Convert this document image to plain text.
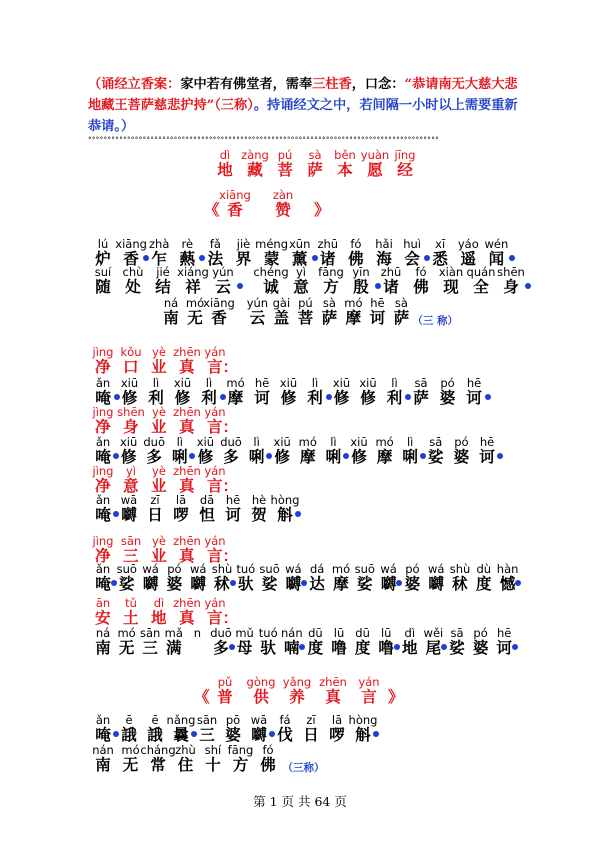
（诵经立香案：家中若有佛堂者，需奉三柱香，口念：“恭请南无大慈大悲地藏王菩萨慈悲护持”（三称）。持诵经文之中，若间隔一小时以上需要重新恭请。）
°°°°°°°°°°°°°°°°°°°°°°°°°°°°°°°°°°°°°°°°°°°°°°°°°°°°°°°°°°°°°°°°°°°°°°°°°°°°°°°°°°°°°°°°°°
dì
地
zàng
藏
pú
菩
sà
萨
běn
本
yuàn
愿
jīng
经
《
xiāng
香
zàn
赞	》
lú
炉
xiāng
香
zhà
乍
rè
爇
fǎ
法
jiè
界
méng
蒙
xūn
薰
zhū
诸
fó
佛
hǎi
海
huì
会
xī
悉
yáo
遥
wén
闻
suí
随
chù
处
jié
结
xiáng
祥
yún
云
chéng
诚
yì
意
fāng
方
yīn
殷
zhū
诸
fó
佛
xiàn
现
quán
全
shēn
身
ná
南
mó
无
xiāng
香
yún
云
gài
盖
pú
菩
sà
萨
mó
摩
hē
诃
sà
萨 （三 称）
jìng
净
kǒu
口
yè
业
zhēn
真
yán
言：
ǎn
唵
xiū
修
lì
利
xiū
修
lì
利
mó
摩
hē
诃
xiū
修
lì
利
xiū
修
xiū
修
lì
利
sā
萨
pó
婆
hē
诃
jìng
净
shēn
身
yè
业
zhēn
真
yán
言：
ǎn
唵
xiū
修
duō
多
lì
唎
xiū
修
duō
多
lì
唎
xiū
修
mó
摩
lì
唎
xiū
修
mó
摩
lì
唎
sā
娑
pó
婆
hē
诃
jìng
净
yì
意
yè
业
zhēn
真
yán
言：
ǎn
唵
wā
嚩
zī
日
lā
啰
dā
怛
hē
诃
hè
贺
hòng
斛
jìng
净
sān
三
yè
业
zhēn
真
yán
言：
ǎn
唵
suō
娑
wá
嚩
pó
婆
wá
嚩
shù
秫
tuó
驮
suō
娑
wá
嚩
dá
达
mó
摩
suō
娑
wá
嚩
pó
婆
wá
嚩
shù
秫
dù
度
hàn
憾
ān
安
tǔ
土
dì
地
zhēn
真
yán
言：
ná
南
mó
无
sān
三
mǎ
满
n duō
多
mǔ
母
tuó
驮
nán
喃
dū
度
lū
噜
dū
度
lū
噜
dì
地
wěi
尾
sā
娑
pó
婆
hē
诃
《
pǔ
普
gòng
供
yǎng
养
zhēn
真
yán
言 》
ǎn
唵
ē
誐
ē
誐
nǎng
曩
sān
三
pō
婆
wā
嚩
fá
伐
zī
日
lā
啰
hòng
斛
nán
南
mó
无
cháng
常
zhù
住
shí
十
fāng
方
fó
佛 （三称）
第 1 页 共 64 页
